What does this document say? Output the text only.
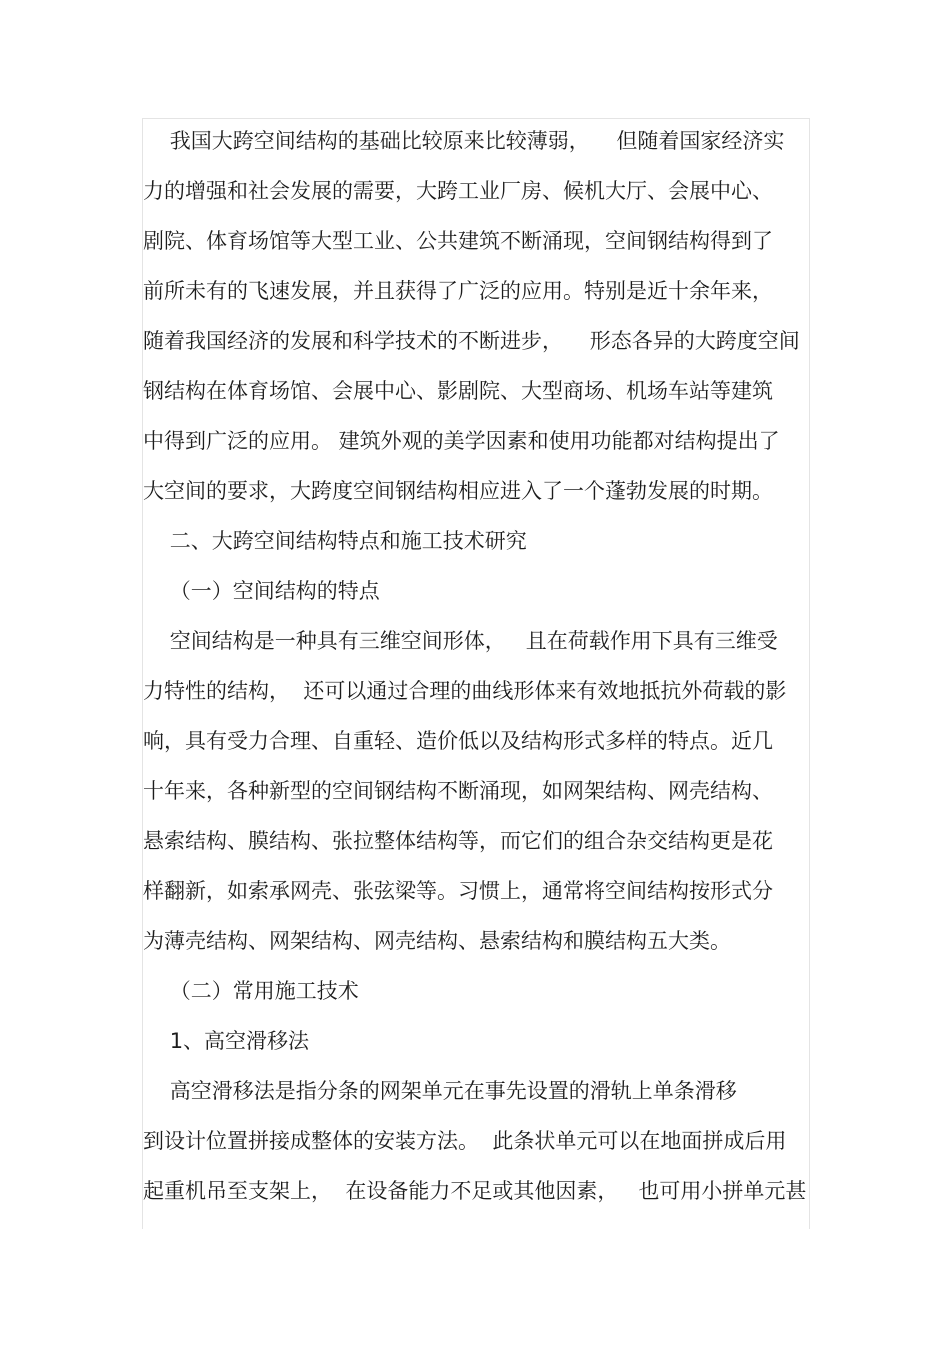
我国大跨空间结构的基础比较原来比较薄弱，    但随着国家经济实
力的增强和社会发展的需要，大跨工业厂房、候机大厅、会展中心、
剧院、体育场馆等大型工业、公共建筑不断涌现，空间钢结构得到了
前所未有的飞速发展，并且获得了广泛的应用。特别是近十余年来，
随着我国经济的发展和科学技术的不断进步，    形态各异的大跨度空间
钢结构在体育场馆、会展中心、影剧院、大型商场、机场车站等建筑
中得到广泛的应用。 建筑外观的美学因素和使用功能都对结构提出了
大空间的要求，大跨度空间钢结构相应进入了一个蓬勃发展的时期。
二、大跨空间结构特点和施工技术研究
（一）空间结构的特点
空间结构是一种具有三维空间形体，   且在荷载作用下具有三维受
力特性的结构，  还可以通过合理的曲线形体来有效地抵抗外荷载的影
响，具有受力合理、自重轻、造价低以及结构形式多样的特点。近几
十年来，各种新型的空间钢结构不断涌现，如网架结构、网壳结构、
悬索结构、膜结构、张拉整体结构等，而它们的组合杂交结构更是花
样翻新，如索承网壳、张弦梁等。习惯上，通常将空间结构按形式分
为薄壳结构、网架结构、网壳结构、悬索结构和膜结构五大类。
（二）常用施工技术
1、高空滑移法
高空滑移法是指分条的网架单元在事先设置的滑轨上单条滑移
到设计位置拼接成整体的安装方法。  此条状单元可以在地面拼成后用
起重机吊至支架上，  在设备能力不足或其他因素，   也可用小拼单元甚
